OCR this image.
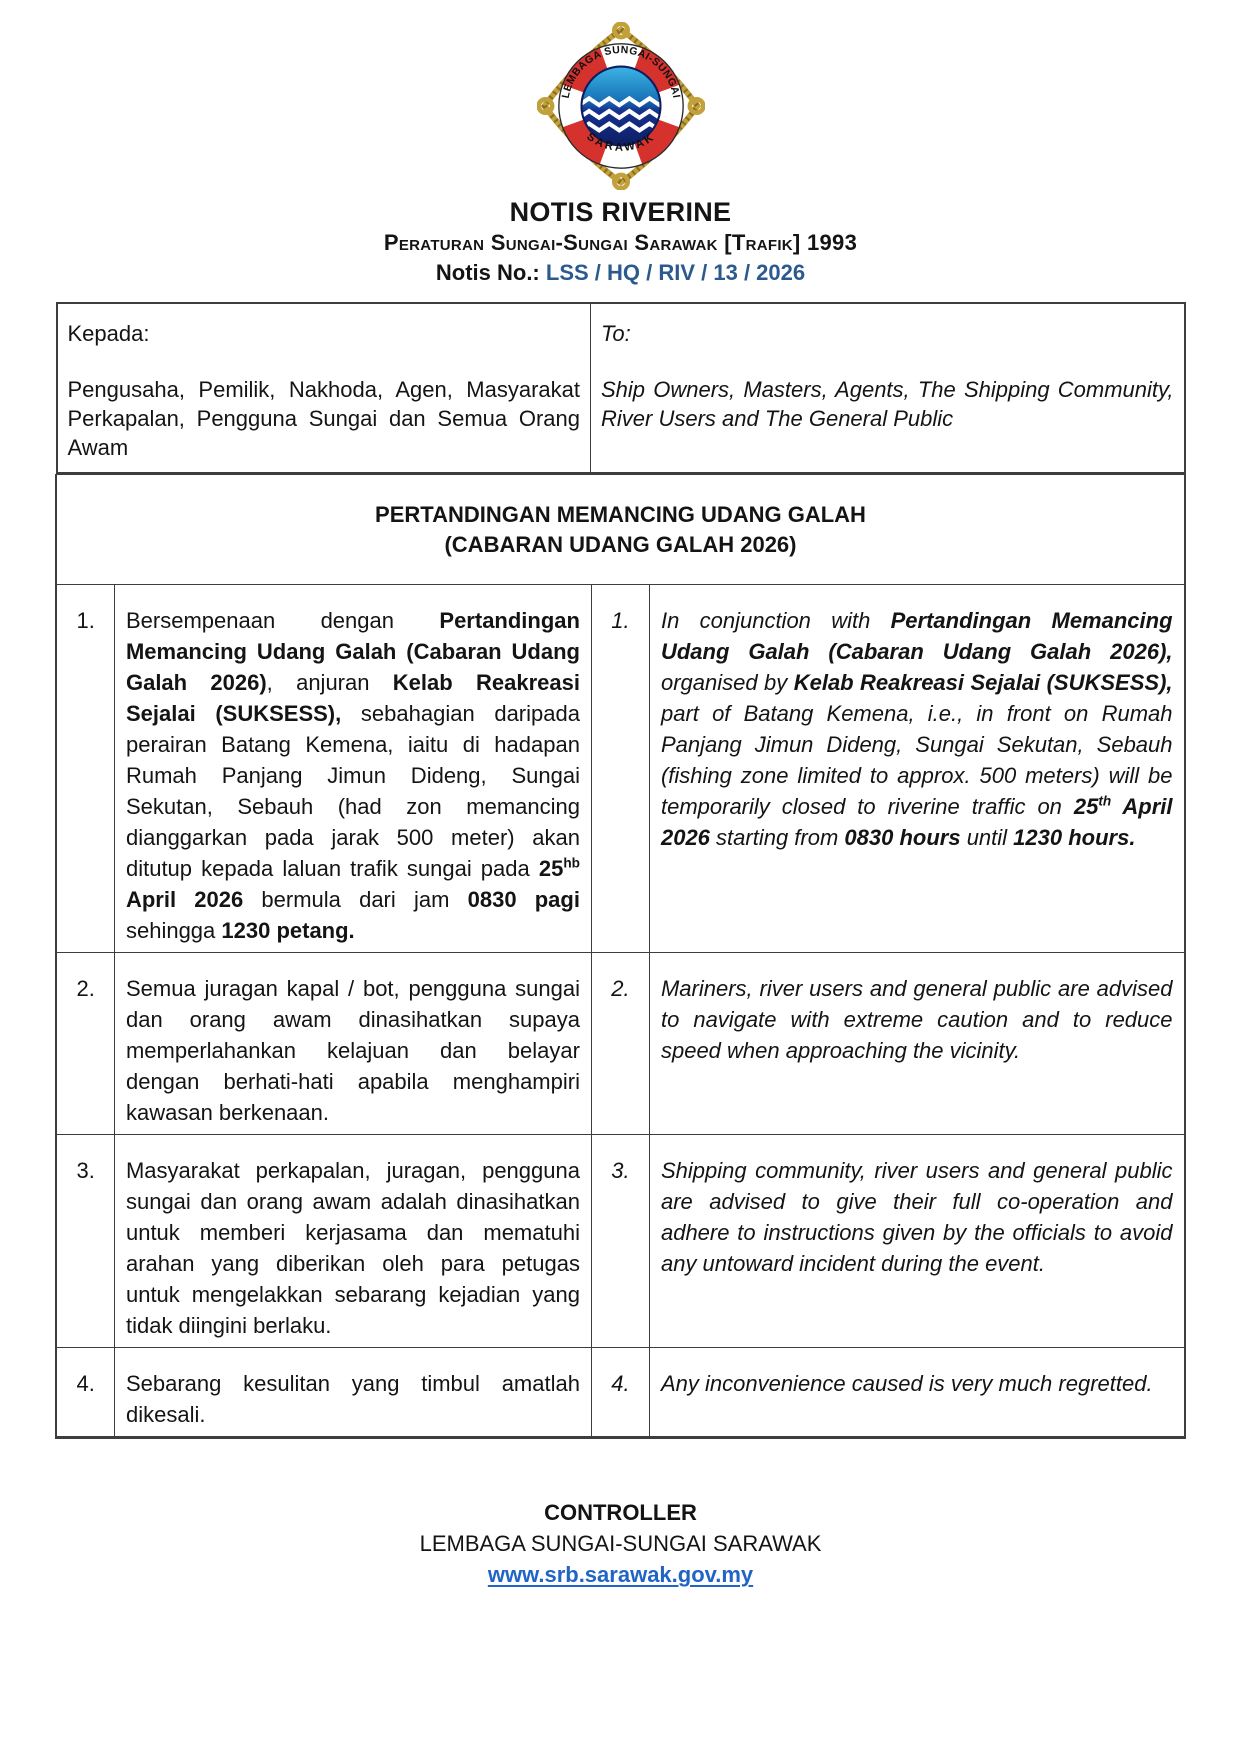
LEMBAGA SUNGAI-SUNGAI
SARAWAK
NOTIS RIVERINE
Peraturan Sungai-Sungai Sarawak [Trafik] 1993
Notis No.: LSS / HQ / RIV / 13 / 2026
Kepada:
Pengusaha, Pemilik, Nakhoda, Agen, Masyarakat Perkapalan, Pengguna Sungai dan Semua Orang Awam

To:
Ship Owners, Masters, Agents, The Shipping Community, River Users and The General Public
PERTANDINGAN MEMANCING UDANG GALAH
(CABARAN UDANG GALAH 2026)			

1.	Bersempenaan dengan Pertandingan Memancing Udang Galah (Cabaran Udang Galah 2026), anjuran Kelab Reakreasi Sejalai (SUKSESS), sebahagian daripada perairan Batang Kemena, iaitu di hadapan Rumah Panjang Jimun Dideng, Sungai Sekutan, Sebauh (had zon memancing dianggarkan pada jarak 500 meter) akan ditutup kepada laluan trafik sungai pada $25^{hb}$ April 2026 bermula dari jam 0830 pagi sehingga 1230 petang.	1.	In conjunction with Pertandingan Memancing Udang Galah (Cabaran Udang Galah 2026), organised by Kelab Reakreasi Sejalai (SUKSESS), part of Batang Kemena, i.e., in front on Rumah Panjang Jimun Dideng, Sungai Sekutan, Sebauh (fishing zone limited to approx. 500 meters) will be temporarily closed to riverine traffic on 25th April 2026 starting from 0830 hours until 1230 hours.
2.	Semua juragan kapal / bot, pengguna sungai dan orang awam dinasihatkan supaya memperlahankan kelajuan dan belayar dengan berhati-hati apabila menghampiri kawasan berkenaan.	2.	Mariners, river users and general public are advised to navigate with extreme caution and to reduce speed when approaching the vicinity.
3.	Masyarakat perkapalan, juragan, pengguna sungai dan orang awam adalah dinasihatkan untuk memberi kerjasama dan mematuhi arahan yang diberikan oleh para petugas untuk mengelakkan sebarang kejadian yang tidak diingini berlaku.	3.	Shipping community, river users and general public are advised to give their full co-operation and adhere to instructions given by the officials to avoid any untoward incident during the event.
4.	Sebarang kesulitan yang timbul amatlah dikesali.	4.	Any inconvenience caused is very much regretted.
CONTROLLER
LEMBAGA SUNGAI-SUNGAI SARAWAK
www.srb.sarawak.gov.my
